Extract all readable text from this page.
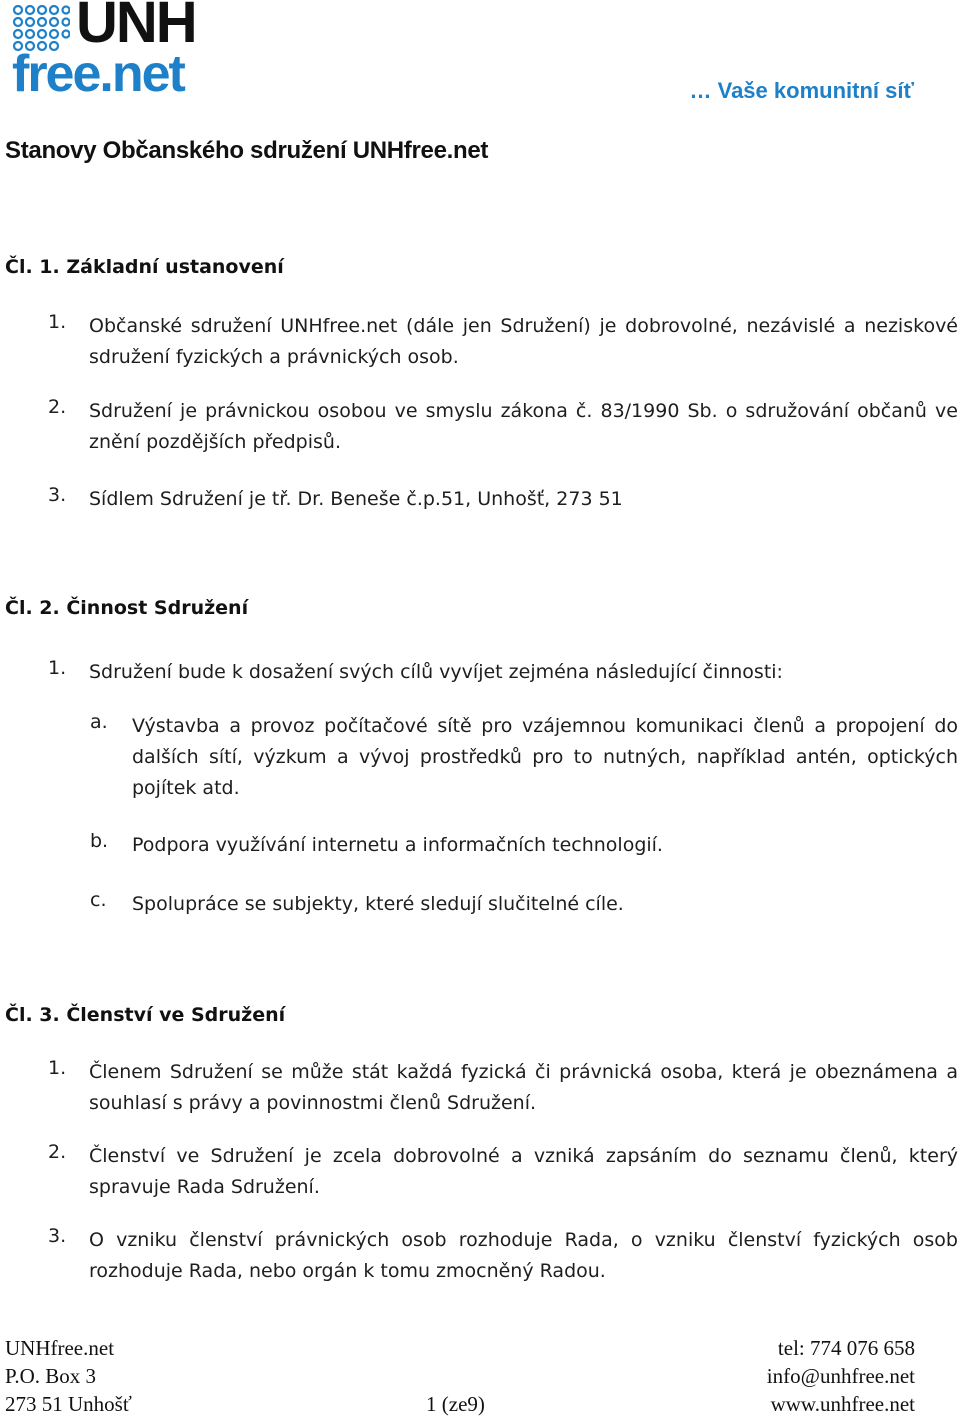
UNH
free.net	… Vaše komunitní síť
Stanovy Občanského sdružení UNHfree.net
Čl. 1. Základní ustanovení
1.	Občanské sdružení UNHfree.net (dále jen Sdružení) je dobrovolné, nezávislé a neziskové sdružení fyzických a právnických osob.
2.	Sdružení je právnickou osobou ve smyslu zákona č. 83/1990 Sb. o sdružování občanů ve znění pozdějších předpisů.
3.	Sídlem Sdružení je tř. Dr. Beneše č.p.51, Unhošť, 273 51
Čl. 2. Činnost Sdružení
1.	Sdružení bude k dosažení svých cílů vyvíjet zejména následující činnosti:
a.	Výstavba a provoz počítačové sítě pro vzájemnou komunikaci členů a propojení do dalších sítí, výzkum a vývoj prostředků pro to nutných, například antén, optických pojítek atd.
b.	Podpora využívání internetu a informačních technologií.
c.	Spolupráce se subjekty, které sledují slučitelné cíle.
Čl. 3. Členství ve Sdružení
1.	Členem Sdružení se může stát každá fyzická či právnická osoba, která je obeznámena a souhlasí s právy a povinnostmi členů Sdružení.
2.	Členství ve Sdružení je zcela dobrovolné a vzniká zapsáním do seznamu členů, který spravuje Rada Sdružení.
3.	O vzniku členství právnických osob rozhoduje Rada, o vzniku členství fyzických osob rozhoduje Rada, nebo orgán k tomu zmocněný Radou.
UNHfree.net
P.O. Box 3
273 51 Unhošť	1 (ze9)
tel: 774 076 658
info@unhfree.net
www.unhfree.net
